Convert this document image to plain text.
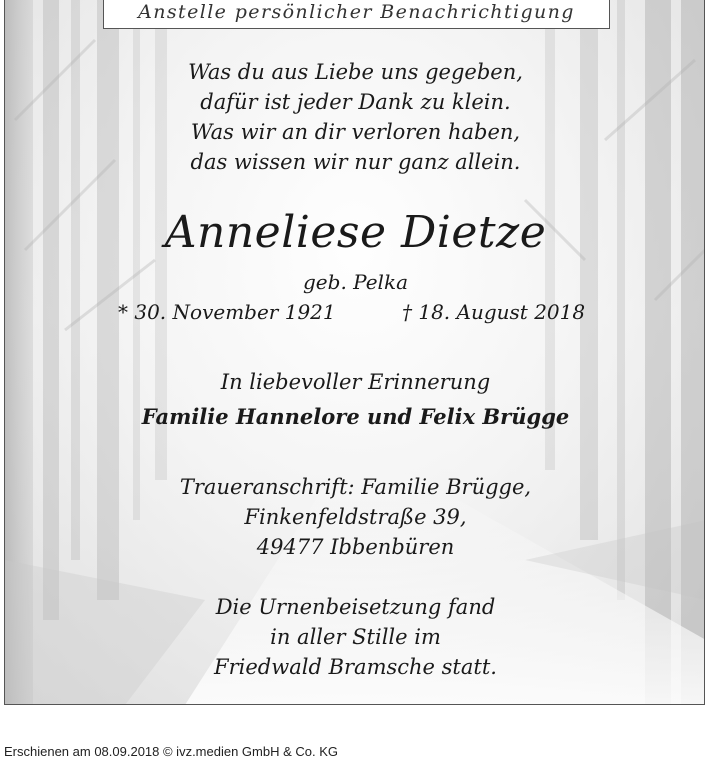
Anstelle persönlicher Benachrichtigung
Was du aus Liebe uns gegeben,
dafür ist jeder Dank zu klein.
Was wir an dir verloren haben,
das wissen wir nur ganz allein.
Anneliese Dietze
geb. Pelka
* 30. November 1921	† 18. August 2018
In liebevoller Erinnerung
Familie Hannelore und Felix Brügge
Traueranschrift: Familie Brügge,
Finkenfeldstraße 39,
49477 Ibbenbüren
Die Urnenbeisetzung fand
in aller Stille im
Friedwald Bramsche statt.
Erschienen am 08.09.2018 © ivz.medien GmbH & Co. KG
